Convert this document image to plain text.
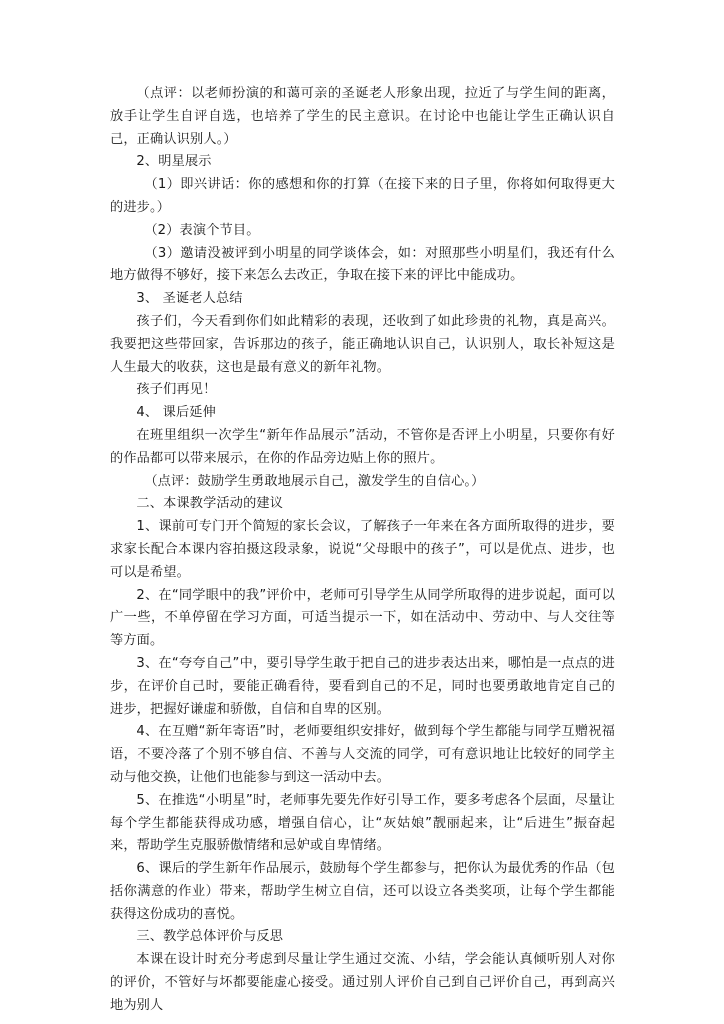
（点评：以老师扮演的和蔼可亲的圣诞老人形象出现，拉近了与学生间的距离，放手让学生自评自选，也培养了学生的民主意识。在讨论中也能让学生正确认识自己，正确认识别人。）

2、明星展示

（1）即兴讲话：你的感想和你的打算（在接下来的日子里，你将如何取得更大的进步。）

（2）表演个节目。

（3）邀请没被评到小明星的同学谈体会，如：对照那些小明星们，我还有什么地方做得不够好，接下来怎么去改正，争取在接下来的评比中能成功。

3、 圣诞老人总结

孩子们，今天看到你们如此精彩的表现，还收到了如此珍贵的礼物，真是高兴。我要把这些带回家，告诉那边的孩子，能正确地认识自己，认识别人，取长补短这是人生最大的收获，这也是最有意义的新年礼物。

孩子们再见！

4、 课后延伸

在班里组织一次学生“新年作品展示”活动，不管你是否评上小明星，只要你有好的作品都可以带来展示，在你的作品旁边贴上你的照片。

（点评：鼓励学生勇敢地展示自己，激发学生的自信心。）

二、本课教学活动的建议

1、课前可专门开个简短的家长会议，了解孩子一年来在各方面所取得的进步，要求家长配合本课内容拍摄这段录象，说说“父母眼中的孩子”，可以是优点、进步，也可以是希望。

2、在“同学眼中的我”评价中，老师可引导学生从同学所取得的进步说起，面可以广一些，不单停留在学习方面，可适当提示一下，如在活动中、劳动中、与人交往等等方面。

3、在“夸夸自己”中，要引导学生敢于把自己的进步表达出来，哪怕是一点点的进步，在评价自己时，要能正确看待，要看到自己的不足，同时也要勇敢地肯定自己的进步，把握好谦虚和骄傲，自信和自卑的区别。

4、在互赠“新年寄语”时，老师要组织安排好，做到每个学生都能与同学互赠祝福语，不要冷落了个别不够自信、不善与人交流的同学，可有意识地让比较好的同学主动与他交换，让他们也能参与到这一活动中去。

5、在推选“小明星”时，老师事先要先作好引导工作，要多考虑各个层面，尽量让每个学生都能获得成功感，增强自信心，让“灰姑娘”靓丽起来，让“后进生”振奋起来，帮助学生克服骄傲情绪和忌妒或自卑情绪。

6、课后的学生新年作品展示，鼓励每个学生都参与，把你认为最优秀的作品（包括你满意的作业）带来，帮助学生树立自信，还可以设立各类奖项，让每个学生都能获得这份成功的喜悦。

三、教学总体评价与反思

本课在设计时充分考虑到尽量让学生通过交流、小结，学会能认真倾听别人对你的评价，不管好与坏都要能虚心接受。通过别人评价自己到自己评价自己，再到高兴地为别人
